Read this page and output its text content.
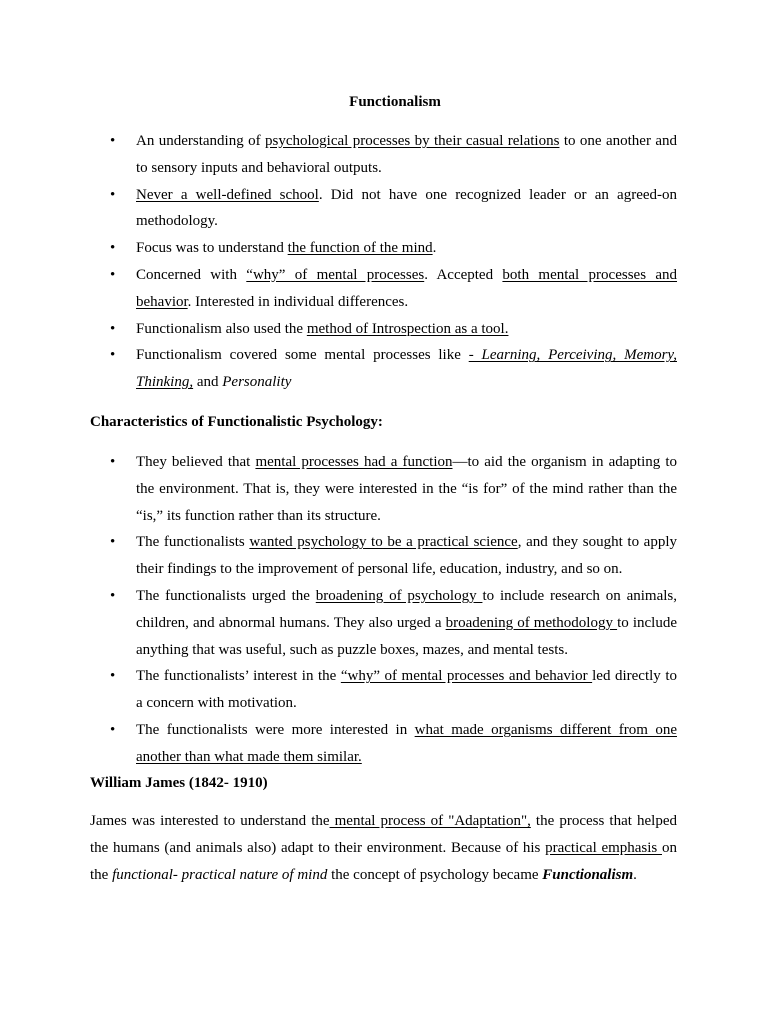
Functionalism
• An understanding of psychological processes by their casual relations to one another and to sensory inputs and behavioral outputs.
• Never a well-defined school. Did not have one recognized leader or an agreed-on methodology.
• Focus was to understand the function of the mind.
• Concerned with “why” of mental processes. Accepted both mental processes and behavior. Interested in individual differences.
• Functionalism also used the method of Introspection as a tool.
• Functionalism covered some mental processes like - Learning, Perceiving, Memory, Thinking, and Personality
Characteristics of Functionalistic Psychology:
• They believed that mental processes had a function—to aid the organism in adapting to the environment. That is, they were interested in the “is for” of the mind rather than the “is,” its function rather than its structure.
• The functionalists wanted psychology to be a practical science, and they sought to apply their findings to the improvement of personal life, education, industry, and so on.
• The functionalists urged the broadening of psychology to include research on animals, children, and abnormal humans. They also urged a broadening of methodology to include anything that was useful, such as puzzle boxes, mazes, and mental tests.
• The functionalists’ interest in the “why” of mental processes and behavior led directly to a concern with motivation.
• The functionalists were more interested in what made organisms different from one another than what made them similar.
William James (1842- 1910)

James was interested to understand the mental process of "Adaptation", the process that helped the humans (and animals also) adapt to their environment. Because of his practical emphasis on the functional- practical nature of mind the concept of psychology became Functionalism.
